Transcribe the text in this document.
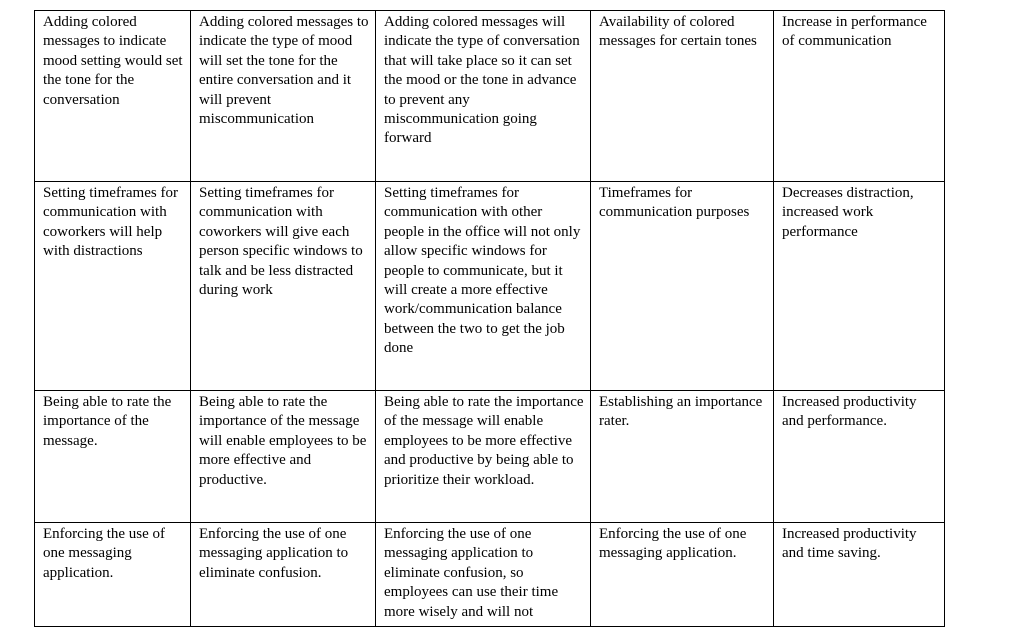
Adding colored messages to indicate mood setting would set the tone for the conversation	Adding colored messages to indicate the type of mood will set the tone for the entire conversation and it will prevent miscommunication	Adding colored messages will indicate the type of conversation that will take place so it can set the mood or the tone in advance to prevent any miscommunication going forward	Availability of colored messages for certain tones	Increase in performance of communication
Setting timeframes for communication with coworkers will help with distractions	Setting timeframes for communication with coworkers will give each person specific windows to talk and be less distracted during work	Setting timeframes for communication with other people in the office will not only allow specific windows for people to communicate, but it will create a more effective work/communication balance between the two to get the job done	Timeframes for communication purposes	Decreases distraction, increased work performance
Being able to rate the importance of the message.	Being able to rate the importance of the message will enable employees to be more effective and productive.	Being able to rate the importance of the message will enable employees to be more effective and productive by being able to prioritize their workload.	Establishing an importance rater.	Increased productivity and performance.
Enforcing the use of one messaging application.	Enforcing the use of one messaging application to eliminate confusion.	Enforcing the use of one messaging application to eliminate confusion, so employees can use their time more wisely and will not	Enforcing the use of one messaging application.	Increased productivity and time saving.
